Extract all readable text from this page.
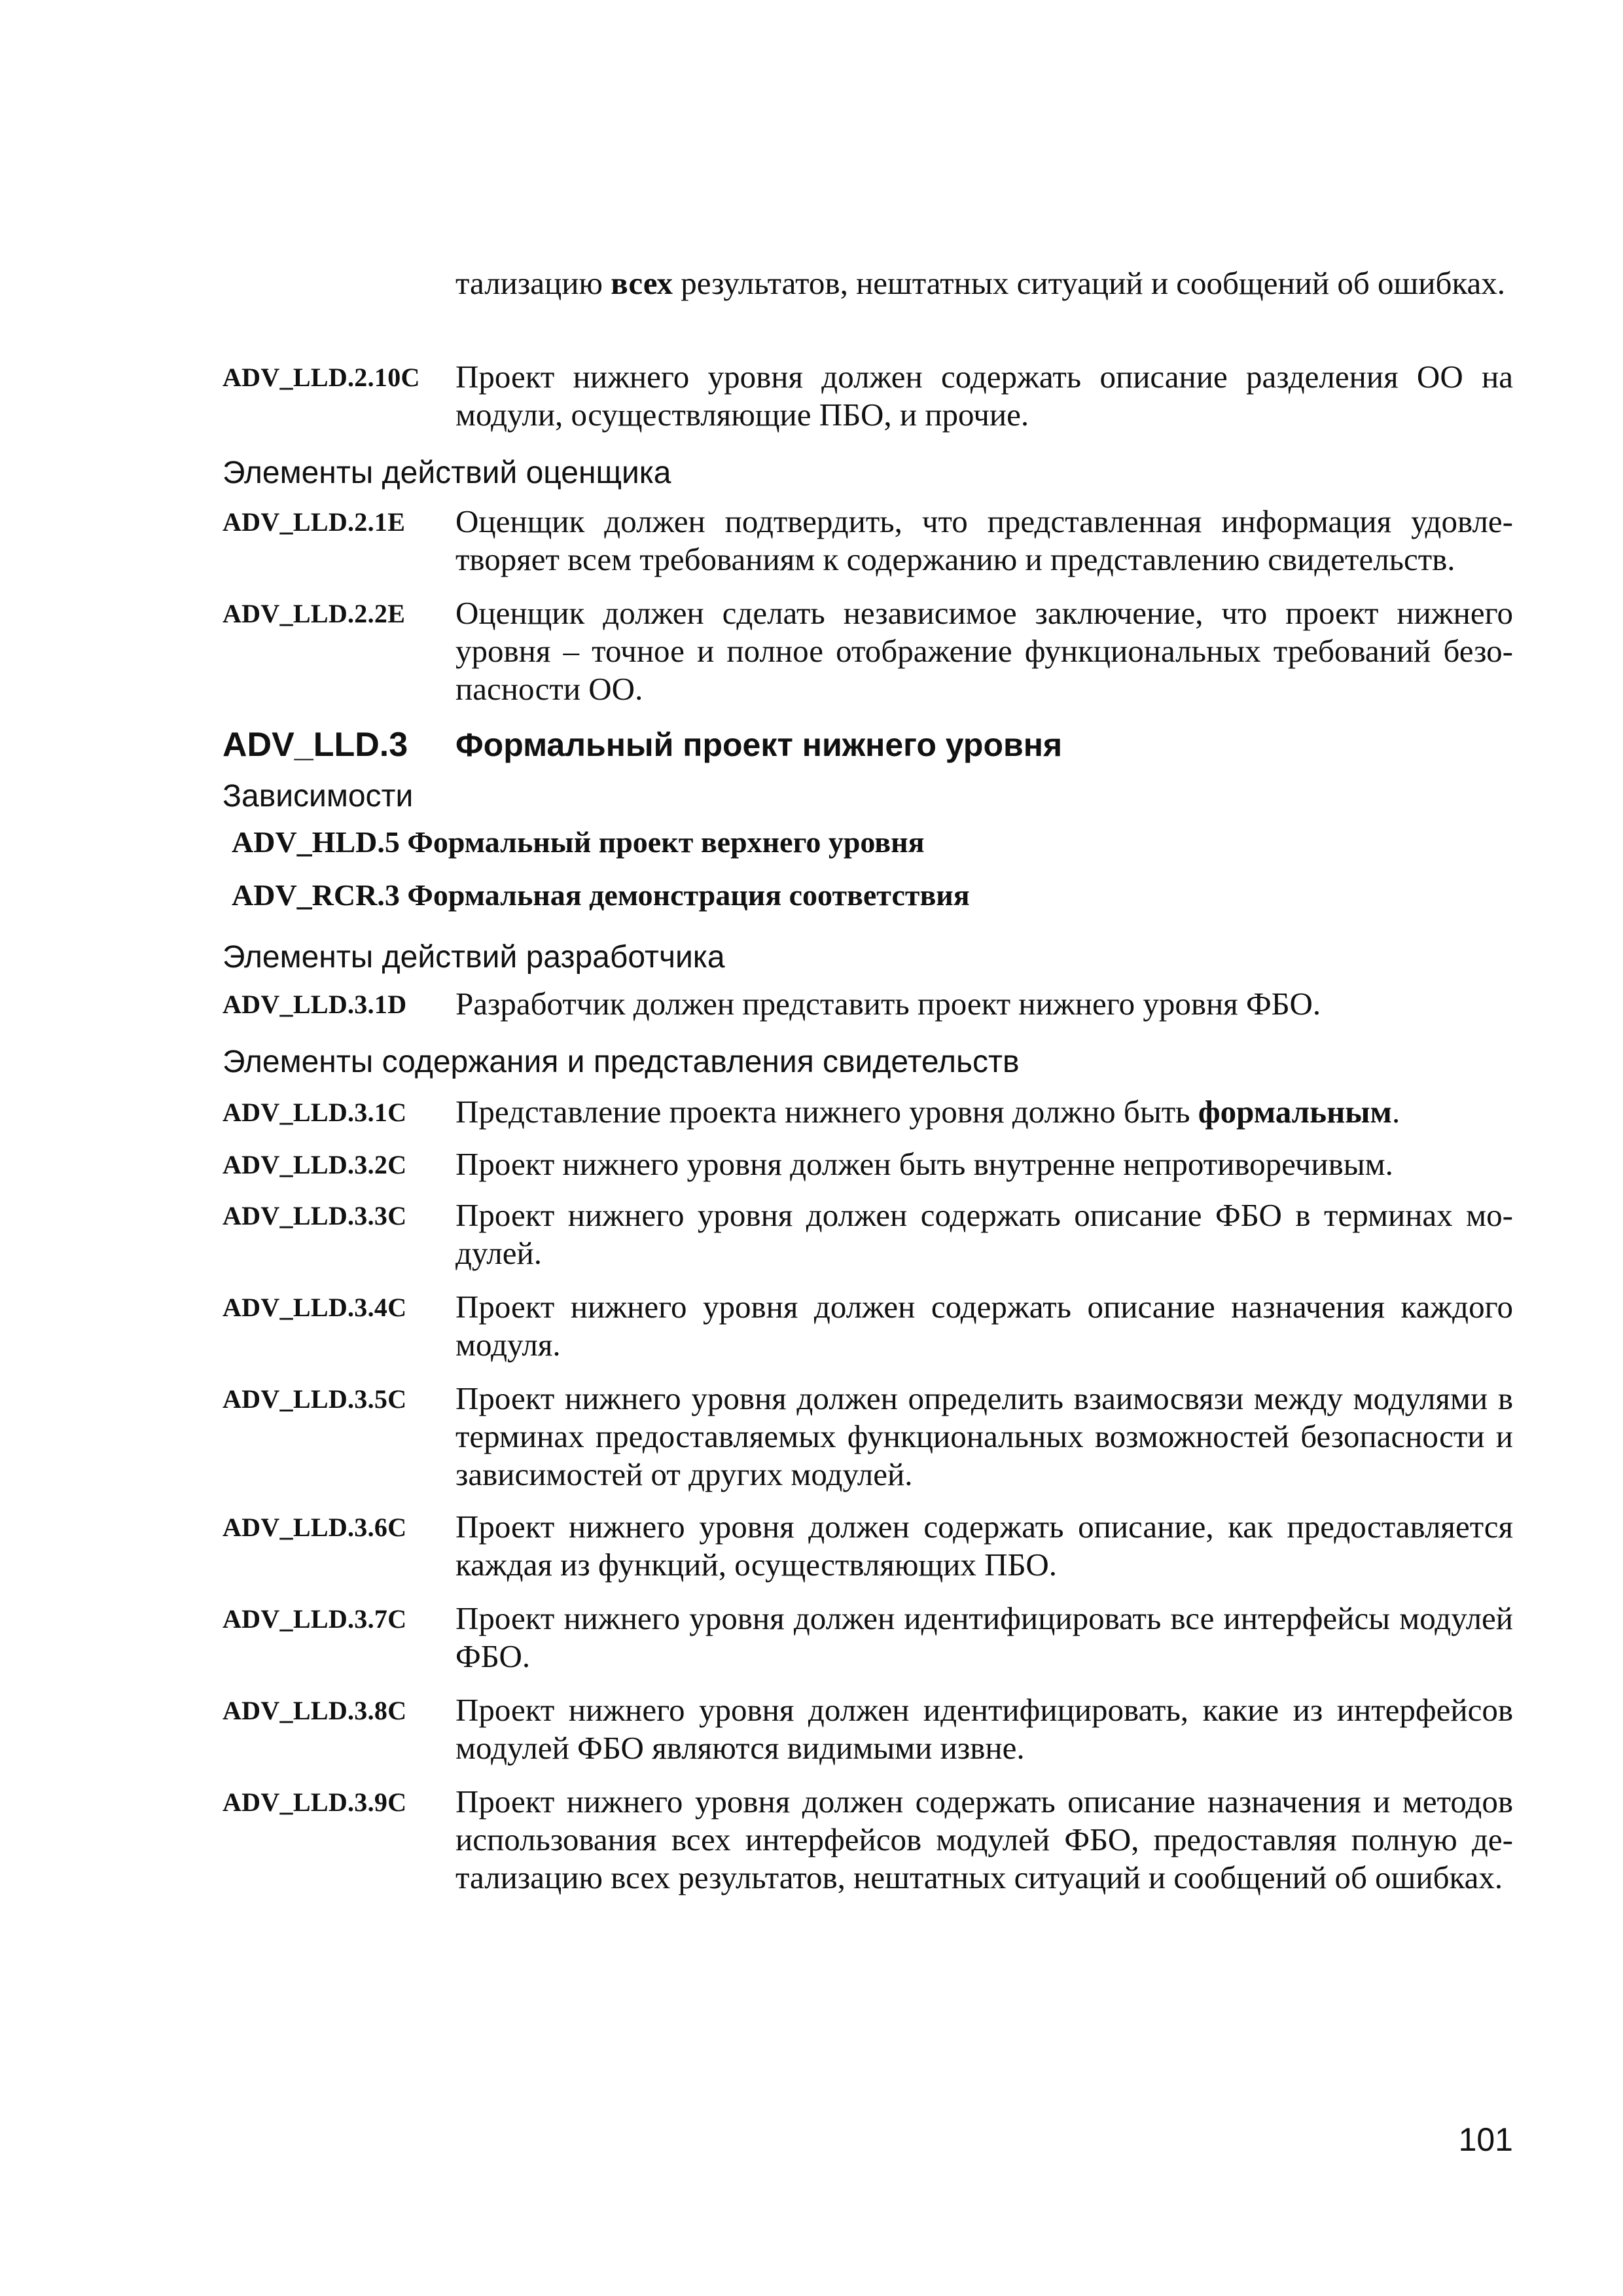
тализацию всех результатов, нештатных ситуаций и сообщений об ошибках.
ADV_LLD.2.10C Проект нижнего уровня должен содержать описание разделения ОО на модули, осуществляющие ПБО, и прочие.
Элементы действий оценщика
ADV_LLD.2.1E Оценщик должен подтвердить, что представленная информация удовлетворяет всем требованиям к содержанию и представлению свидетельств.
ADV_LLD.2.2E Оценщик должен сделать независимое заключение, что проект нижнего уровня – точное и полное отображение функциональных требований безопасности ОО.
ADV_LLD.3 Формальный проект нижнего уровня
Зависимости
ADV_HLD.5 Формальный проект верхнего уровня
ADV_RCR.3 Формальная демонстрация соответствия
Элементы действий разработчика
ADV_LLD.3.1D Разработчик должен представить проект нижнего уровня ФБО.
Элементы содержания и представления свидетельств
ADV_LLD.3.1C Представление проекта нижнего уровня должно быть формальным.
ADV_LLD.3.2C Проект нижнего уровня должен быть внутренне непротиворечивым.
ADV_LLD.3.3C Проект нижнего уровня должен содержать описание ФБО в терминах модулей.
ADV_LLD.3.4C Проект нижнего уровня должен содержать описание назначения каждого модуля.
ADV_LLD.3.5C Проект нижнего уровня должен определить взаимосвязи между модулями в терминах предоставляемых функциональных возможностей безопасности и зависимостей от других модулей.
ADV_LLD.3.6C Проект нижнего уровня должен содержать описание, как предоставляется каждая из функций, осуществляющих ПБО.
ADV_LLD.3.7C Проект нижнего уровня должен идентифицировать все интерфейсы модулей ФБО.
ADV_LLD.3.8C Проект нижнего уровня должен идентифицировать, какие из интерфейсов модулей ФБО являются видимыми извне.
ADV_LLD.3.9C Проект нижнего уровня должен содержать описание назначения и методов использования всех интерфейсов модулей ФБО, предоставляя полную детализацию всех результатов, нештатных ситуаций и сообщений об ошибках.
101
